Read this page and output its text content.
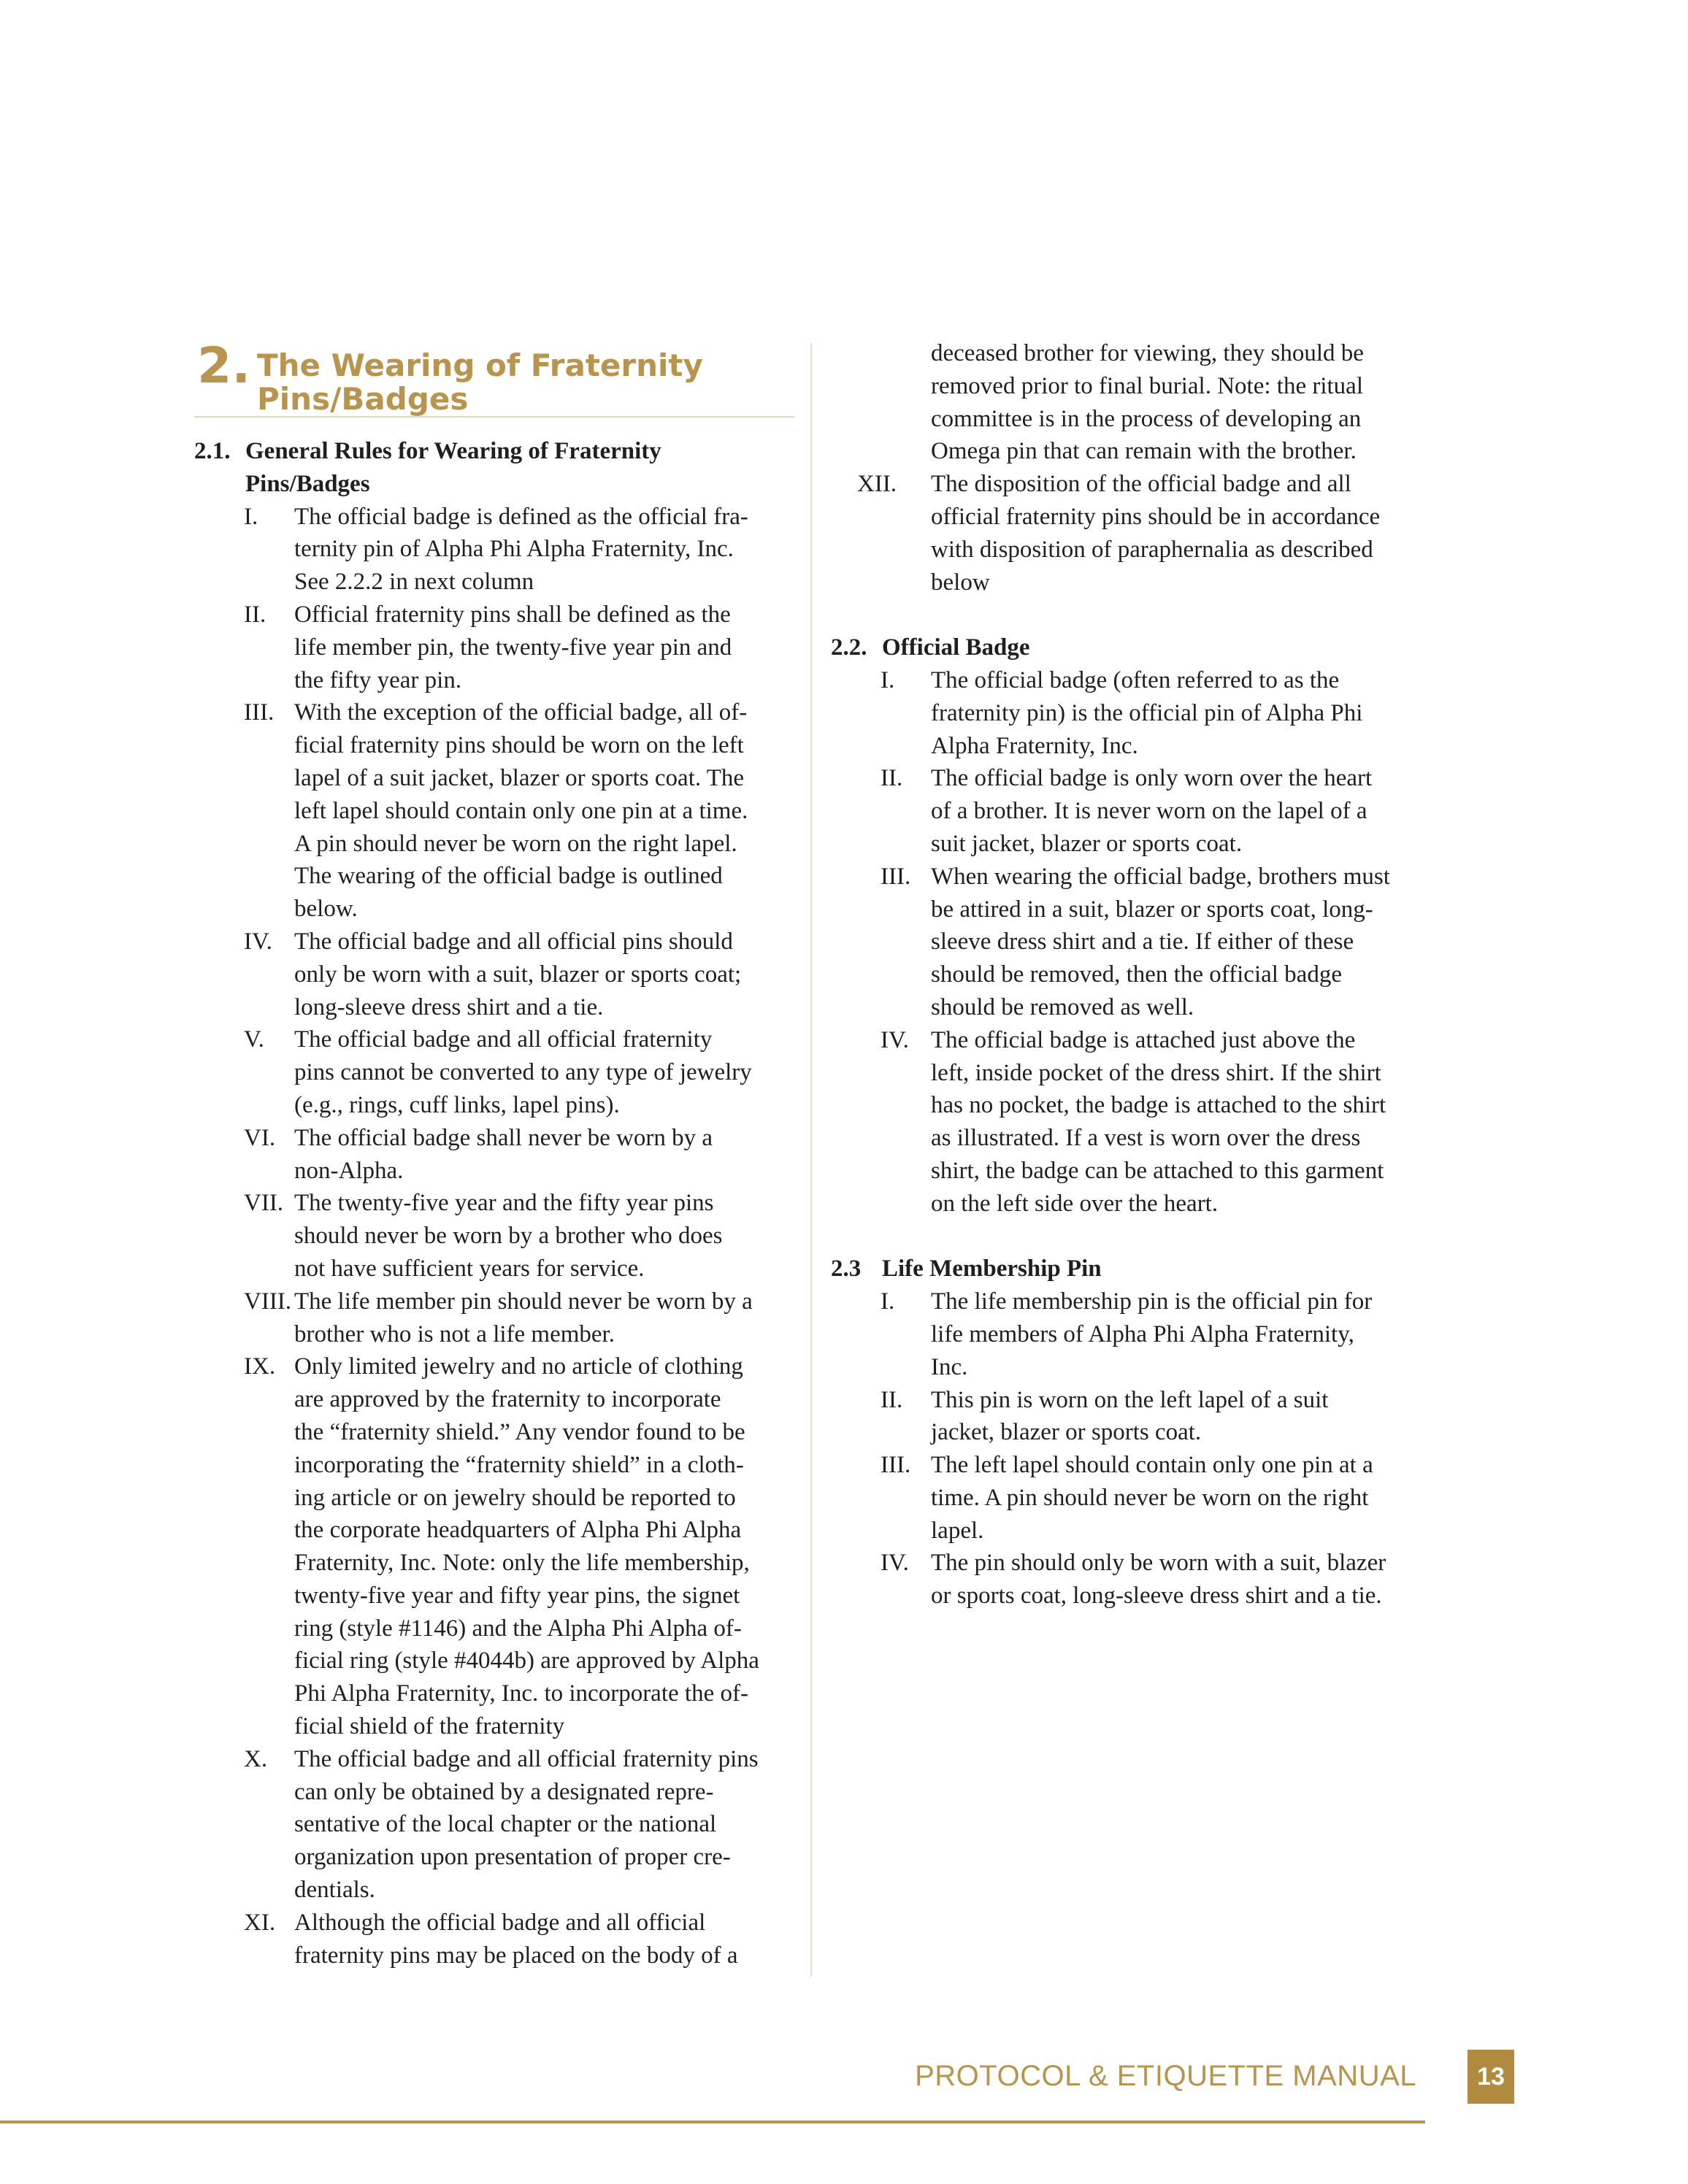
2. The Wearing of Fraternity
Pins/Badges
2.1. General Rules for Wearing of Fraternity
Pins/Badges
I. The official badge is defined as the official fra-
ternity pin of Alpha Phi Alpha Fraternity, Inc.
See 2.2.2 in next column
II. Official fraternity pins shall be defined as the
life member pin, the twenty-five year pin and
the fifty year pin.
III. With the exception of the official badge, all of-
ficial fraternity pins should be worn on the left
lapel of a suit jacket, blazer or sports coat. The
left lapel should contain only one pin at a time.
A pin should never be worn on the right lapel.
The wearing of the official badge is outlined
below.
IV. The official badge and all official pins should
only be worn with a suit, blazer or sports coat;
long-sleeve dress shirt and a tie.
V. The official badge and all official fraternity
pins cannot be converted to any type of jewelry
(e.g., rings, cuff links, lapel pins).
VI. The official badge shall never be worn by a
non-Alpha.
VII. The twenty-five year and the fifty year pins
should never be worn by a brother who does
not have sufficient years for service.
VIII. The life member pin should never be worn by a
brother who is not a life member.
IX. Only limited jewelry and no article of clothing
are approved by the fraternity to incorporate
the “fraternity shield.” Any vendor found to be
incorporating the “fraternity shield” in a cloth-
ing article or on jewelry should be reported to
the corporate headquarters of Alpha Phi Alpha
Fraternity, Inc. Note: only the life membership,
twenty-five year and fifty year pins, the signet
ring (style #1146) and the Alpha Phi Alpha of-
ficial ring (style #4044b) are approved by Alpha
Phi Alpha Fraternity, Inc. to incorporate the of-
ficial shield of the fraternity
X. The official badge and all official fraternity pins
can only be obtained by a designated repre-
sentative of the local chapter or the national
organization upon presentation of proper cre-
dentials.
XI. Although the official badge and all official
fraternity pins may be placed on the body of a
deceased brother for viewing, they should be
removed prior to final burial. Note: the ritual
committee is in the process of developing an
Omega pin that can remain with the brother.
XII. The disposition of the official badge and all
official fraternity pins should be in accordance
with disposition of paraphernalia as described
below
2.2. Official Badge
I. The official badge (often referred to as the
fraternity pin) is the official pin of Alpha Phi
Alpha Fraternity, Inc.
II. The official badge is only worn over the heart
of a brother. It is never worn on the lapel of a
suit jacket, blazer or sports coat.
III. When wearing the official badge, brothers must
be attired in a suit, blazer or sports coat, long-
sleeve dress shirt and a tie. If either of these
should be removed, then the official badge
should be removed as well.
IV. The official badge is attached just above the
left, inside pocket of the dress shirt. If the shirt
has no pocket, the badge is attached to the shirt
as illustrated. If a vest is worn over the dress
shirt, the badge can be attached to this garment
on the left side over the heart.
2.3 Life Membership Pin
I. The life membership pin is the official pin for
life members of Alpha Phi Alpha Fraternity,
Inc.
II. This pin is worn on the left lapel of a suit
jacket, blazer or sports coat.
III. The left lapel should contain only one pin at a
time. A pin should never be worn on the right
lapel.
IV. The pin should only be worn with a suit, blazer
or sports coat, long-sleeve dress shirt and a tie.
PROTOCOL & ETIQUETTE MANUAL 13
